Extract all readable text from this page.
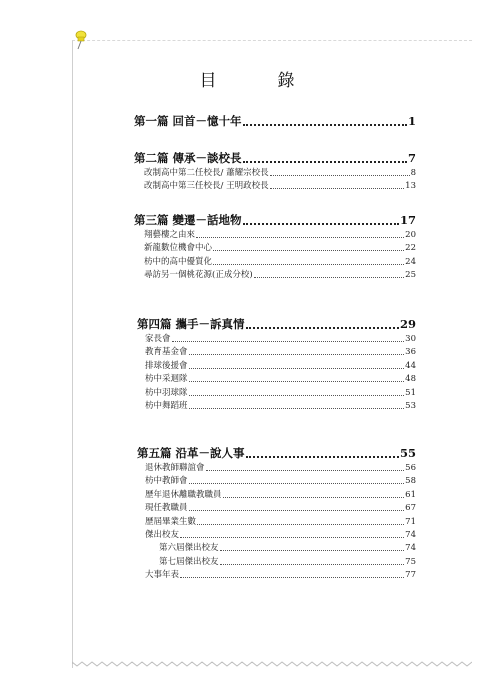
目　錄
第一篇 回首－憶十年	1
第二篇 傳承－談校長	7
改制高中第二任校長/ 蕭耀宗校長	8
改制高中第三任校長/ 王明政校長	13
第三篇 變遷－話地物	17
翔藝樓之由來	20
新龍數位機會中心	22
枋中的高中優質化	24
尋訪另一個桃花源(正成分校)	25
第四篇 攜手－訴真情	29
家長會	30
教育基金會	36
排球後援會	44
枋中采迴隊	48
枋中羽球隊	51
枋中舞蹈班	53
第五篇 沿革－說人事	55
退休教師聯誼會	56
枋中教師會	58
歷年退休離職教職員	61
現任教職員	67
歷屆畢業生數	71
傑出校友	74
第六屆傑出校友	74
第七屆傑出校友	75
大事年表	77
